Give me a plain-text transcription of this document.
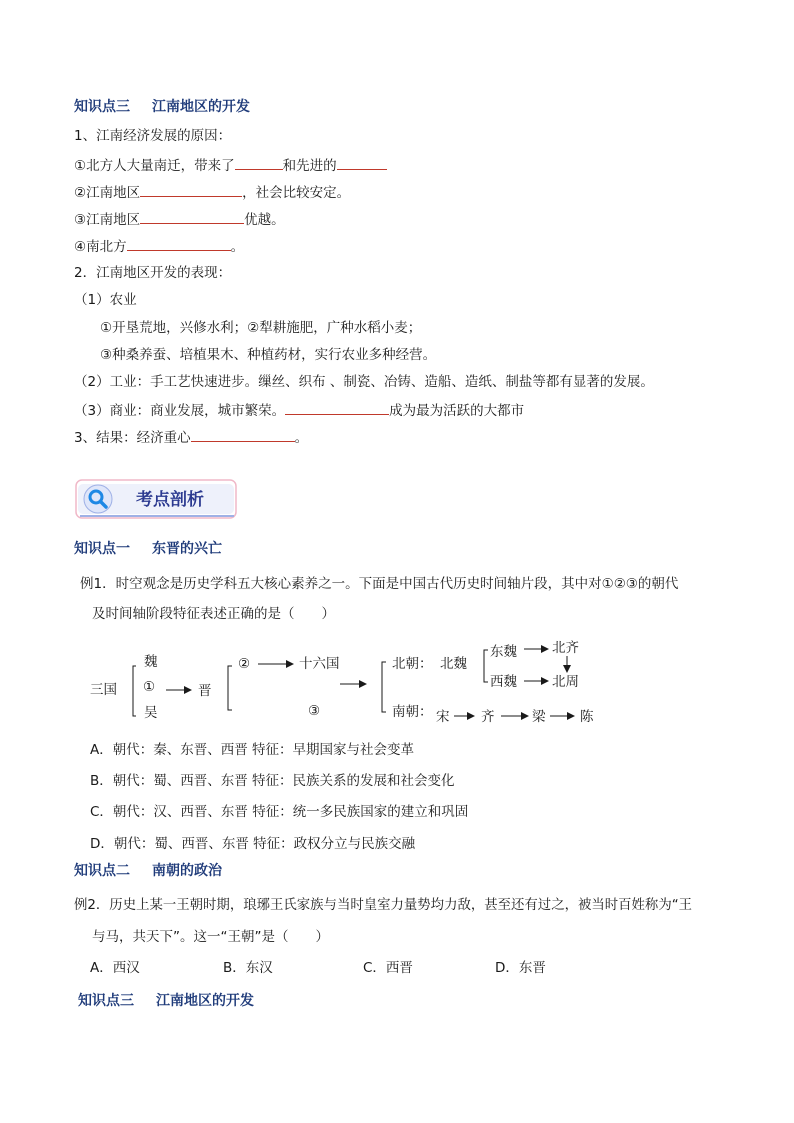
知识点三 江南地区的开发
1、江南经济发展的原因：
①北方人大量南迁，带来了	和先进的
②江南地区	，社会比较安定。
③江南地区	优越。
④南北方	。
2．江南地区开发的表现：
（1）农业
①开垦荒地，兴修水利；②犁耕施肥，广种水稻小麦；
③种桑养蚕、培植果木、种植药材，实行农业多种经营。
（2）工业：手工艺快速进步。缫丝、织布 、制瓷、冶铸、造船、造纸、制盐等都有显著的发展。
（3）商业：商业发展，城市繁荣。	成为最为活跃的大都市
3、结果：经济重心	。
考点剖析
知识点一 东晋的兴亡
例1．时空观念是历史学科五大核心素养之一。下面是中国古代历史时间轴片段，其中对①②③的朝代
及时间轴阶段特征表述正确的是（　　）
三国
魏
①
吴
晋
②	十六国
③
北朝： 北魏
东魏
西魏
北齐
北周
南朝： 宋 齐	梁	陈
A．朝代：秦、东晋、西晋 特征：早期国家与社会变革
B．朝代：蜀、西晋、东晋 特征：民族关系的发展和社会变化
C．朝代：汉、西晋、东晋 特征：统一多民族国家的建立和巩固
D．朝代：蜀、西晋、东晋 特征：政权分立与民族交融
知识点二 南朝的政治
例2．历史上某一王朝时期，琅琊王氏家族与当时皇室力量势均力敌，甚至还有过之，被当时百姓称为“王
与马，共天下”。这一“王朝”是（　　）
A．西汉	B．东汉	C．西晋	D．东晋
知识点三 江南地区的开发
